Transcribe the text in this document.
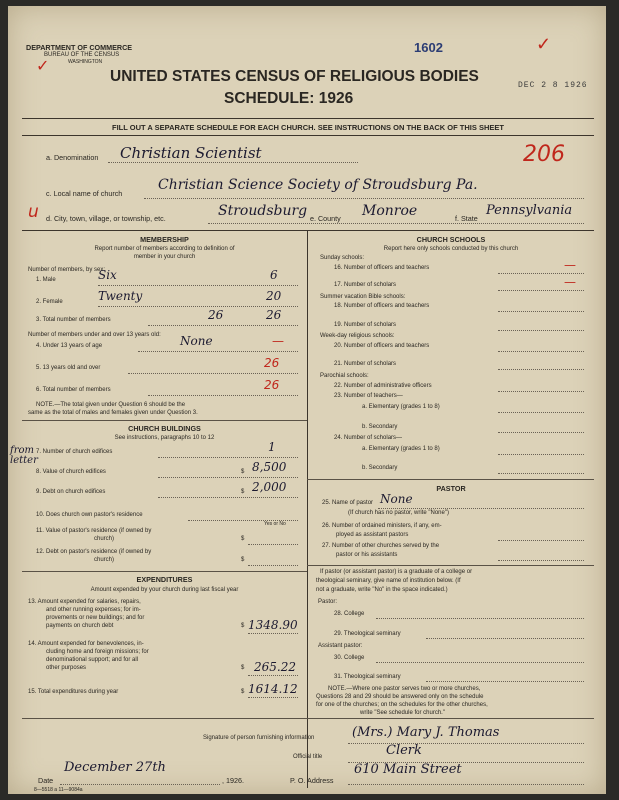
DEPARTMENT OF COMMERCE
BUREAU OF THE CENSUS
WASHINGTON
✓
1602	✓
UNITED STATES CENSUS OF RELIGIOUS BODIES
SCHEDULE: 1926
DEC 2 8 1926
FILL OUT A SEPARATE SCHEDULE FOR EACH CHURCH. SEE INSTRUCTIONS ON THE BACK OF THIS SHEET
a. Denomination Christian Scientist	206
c. Local name of church
Christian Science Society of Stroudsburg Pa.
u d. City, town, village, or township, etc.	Stroudsburg e. County Monroe	f. State
Pennsylvania
MEMBERSHIP
Report number of members according to definition of
member in your church
Number of members, by sex:
1. Male	Six	6
2. Female	Twenty	20
3. Total number of members	26	26
Number of members under and over 13 years old:
4. Under 13 years of age	None	—
5. 13 years old and over	26
6. Total number of members	26
NOTE.—The total given under Question 6 should be the
same as the total of males and females given under Question 3.
CHURCH BUILDINGS
See instructions, paragraphs 10 to 12
from letter
7. Number of church edifices	1
8. Value of church edifices	$ 8,500
9. Debt on church edifices	$ 2,000
10. Does church own pastor's residence
Yes or No
11. Value of pastor's residence (if owned by
church)	$
12. Debt on pastor's residence (if owned by
church)	$
EXPENDITURES
Amount expended by your church during last fiscal year
13. Amount expended for salaries, repairs,
and other running expenses; for im-
provements or new buildings; and for
payments on church debt	$ 1348.90
14. Amount expended for benevolences, in-
cluding home and foreign missions; for
denominational support; and for all
other purposes	$ 265.22
15. Total expenditures during year	$ 1614.12
CHURCH SCHOOLS
Report here only schools conducted by this church
Sunday schools:
16. Number of officers and teachers	—
17. Number of scholars	—
Summer vacation Bible schools:
18. Number of officers and teachers
19. Number of scholars
Week-day religious schools:
20. Number of officers and teachers
21. Number of scholars
Parochial schools:
22. Number of administrative officers
23. Number of teachers—
a. Elementary (grades 1 to 8)
b. Secondary
24. Number of scholars—
a. Elementary (grades 1 to 8)
b. Secondary
PASTOR
25. Name of pastor None
(If church has no pastor, write "None")
26. Number of ordained ministers, if any, em-
ployed as assistant pastors
27. Number of other churches served by the
pastor or his assistants
If pastor (or assistant pastor) is a graduate of a college or
theological seminary, give name of institution below. (If
not a graduate, write "No" in the space indicated.)
Pastor:
28. College
29. Theological seminary
Assistant pastor:
30. College
31. Theological seminary
NOTE.—Where one pastor serves two or more churches,
Questions 28 and 29 should be answered only on the schedule
for one of the churches; on the schedules for the other churches,
write "See schedule for church."
Signature of person furnishing information	(Mrs.) Mary J. Thomas
Official title	Clerk
Date
December 27th
, 1926.	P. O. Address
610 Main Street
8—5518 a 11—9084a
